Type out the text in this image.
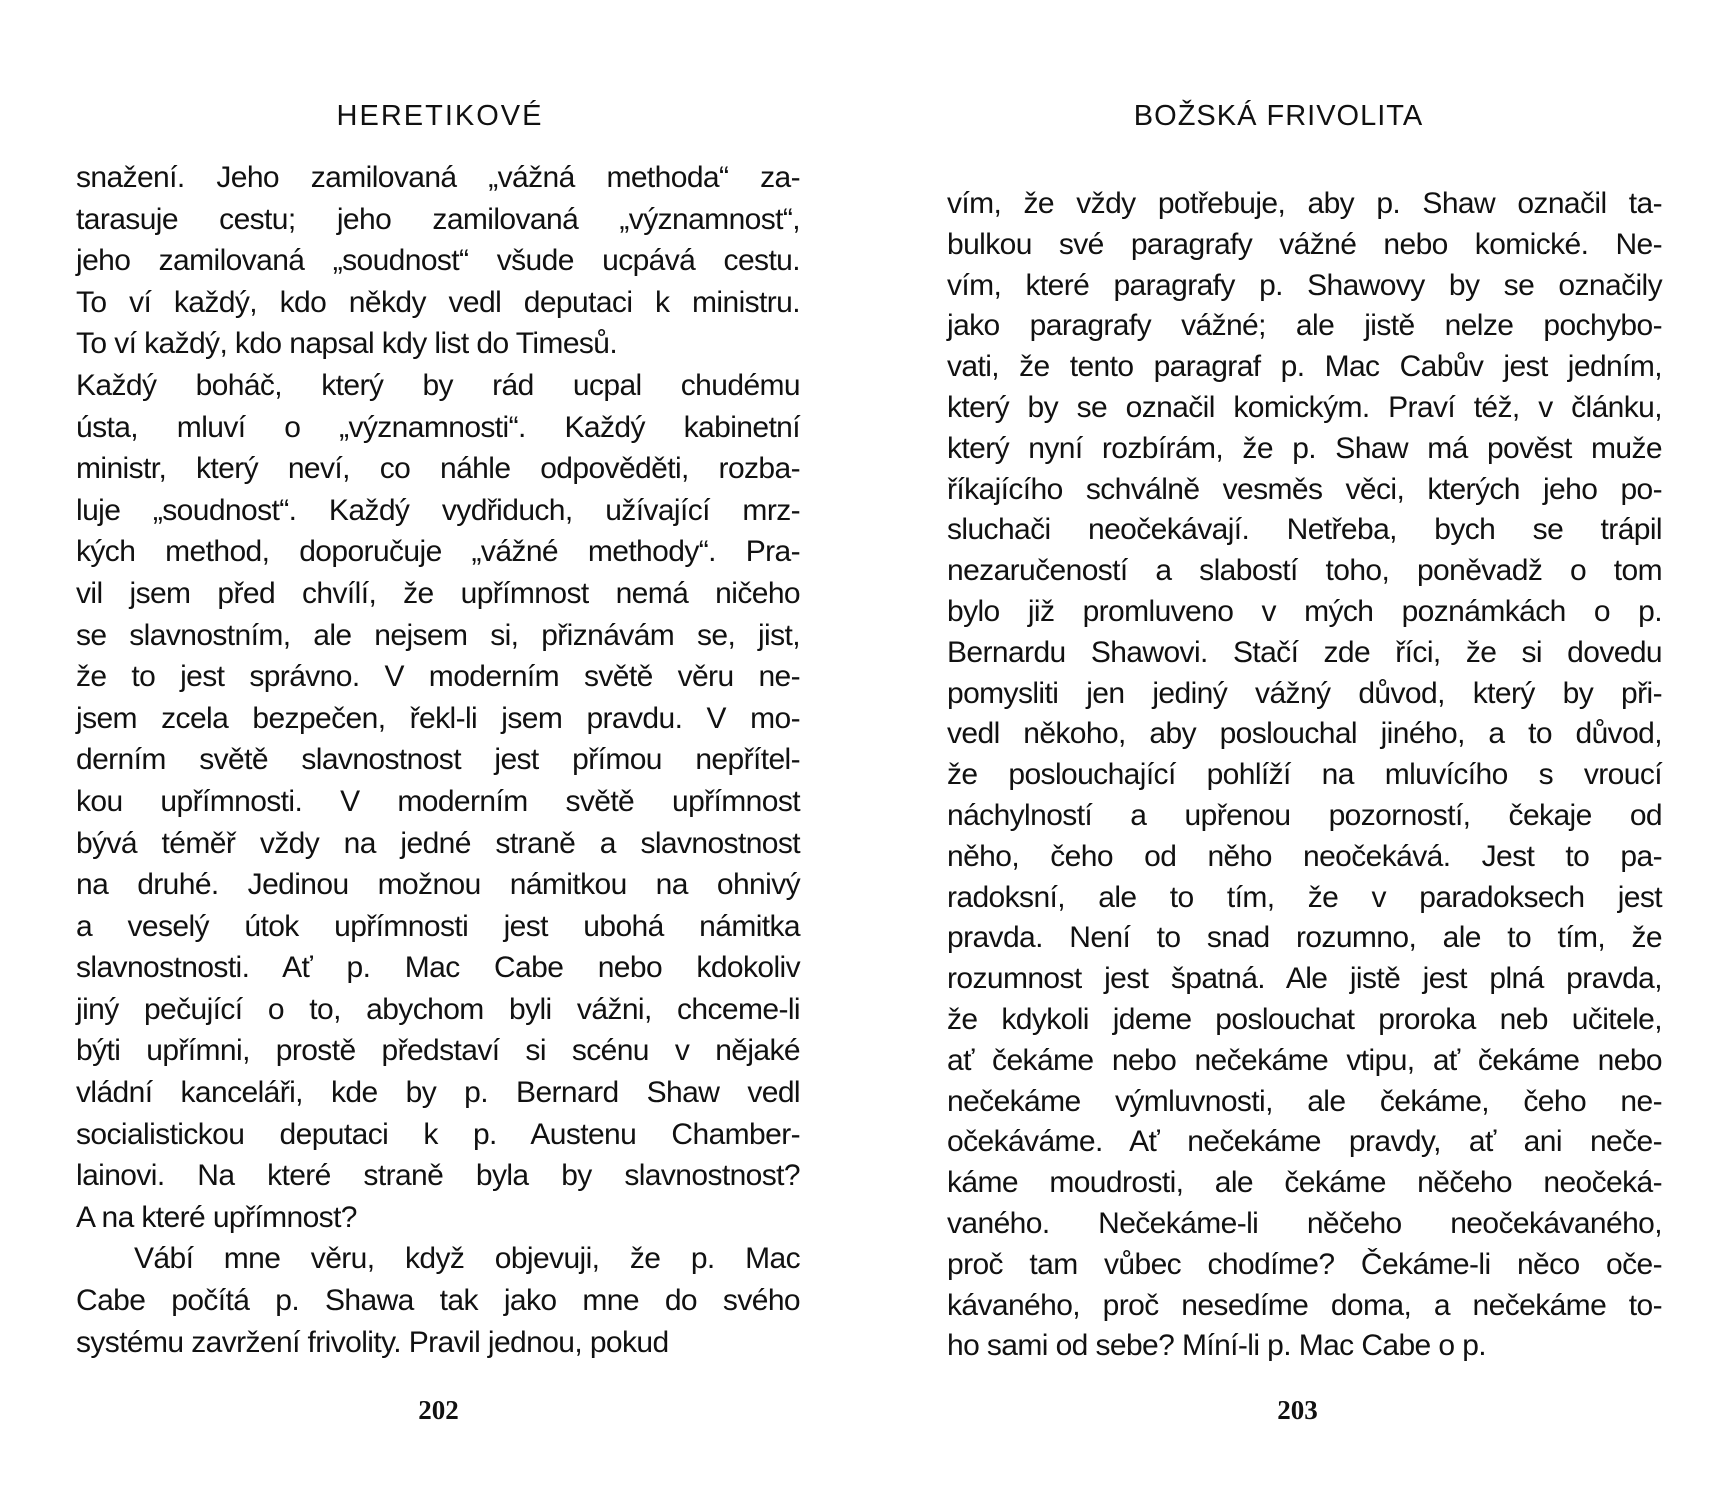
HERETIKOVÉ
snažení. Jeho zamilovaná „vážná methoda“ za-
tarasuje cestu; jeho zamilovaná „významnost“,
jeho zamilovaná „soudnost“ všude ucpává cestu.
To ví každý, kdo někdy vedl deputaci k ministru.
To ví každý, kdo napsal kdy list do Timesů.
Každý boháč, který by rád ucpal chudému
ústa, mluví o „významnosti“. Každý kabinetní
ministr, který neví, co náhle odpověděti, rozba-
luje „soudnost“. Každý vydřiduch, užívající mrz-
kých method, doporučuje „vážné methody“. Pra-
vil jsem před chvílí, že upřímnost nemá ničeho
se slavnostním, ale nejsem si, přiznávám se, jist,
že to jest správno. V moderním světě věru ne-
jsem zcela bezpečen, řekl-li jsem pravdu. V mo-
derním světě slavnostnost jest přímou nepřítel-
kou upřímnosti. V moderním světě upřímnost
bývá téměř vždy na jedné straně a slavnostnost
na druhé. Jedinou možnou námitkou na ohnivý
a veselý útok upřímnosti jest ubohá námitka
slavnostnosti. Ať p. Mac Cabe nebo kdokoliv
jiný pečující o to, abychom byli vážni, chceme-li
býti upřímni, prostě představí si scénu v nějaké
vládní kanceláři, kde by p. Bernard Shaw vedl
socialistickou deputaci k p. Austenu Chamber-
lainovi. Na které straně byla by slavnostnost?
A na které upřímnost?
Vábí mne věru, když objevuji, že p. Mac
Cabe počítá p. Shawa tak jako mne do svého
systému zavržení frivolity. Pravil jednou, pokud
202
BOŽSKÁ FRIVOLITA
vím, že vždy potřebuje, aby p. Shaw označil ta-
bulkou své paragrafy vážné nebo komické. Ne-
vím, které paragrafy p. Shawovy by se označily
jako paragrafy vážné; ale jistě nelze pochybo-
vati, že tento paragraf p. Mac Cabův jest jedním,
který by se označil komickým. Praví též, v článku,
který nyní rozbírám, že p. Shaw má pověst muže
říkajícího schválně vesměs věci, kterých jeho po-
sluchači neočekávají. Netřeba, bych se trápil
nezaručeností a slabostí toho, poněvadž o tom
bylo již promluveno v mých poznámkách o p.
Bernardu Shawovi. Stačí zde říci, že si dovedu
pomysliti jen jediný vážný důvod, který by při-
vedl někoho, aby poslouchal jiného, a to důvod,
že poslouchající pohlíží na mluvícího s vroucí
náchylností a upřenou pozorností, čekaje od
něho, čeho od něho neočekává. Jest to pa-
radoksní, ale to tím, že v paradoksech jest
pravda. Není to snad rozumno, ale to tím, že
rozumnost jest špatná. Ale jistě jest plná pravda,
že kdykoli jdeme poslouchat proroka neb učitele,
ať čekáme nebo nečekáme vtipu, ať čekáme nebo
nečekáme výmluvnosti, ale čekáme, čeho ne-
očekáváme. Ať nečekáme pravdy, ať ani neče-
káme moudrosti, ale čekáme něčeho neočeká-
vaného. Nečekáme-li něčeho neočekávaného,
proč tam vůbec chodíme? Čekáme-li něco oče-
kávaného, proč nesedíme doma, a nečekáme to-
ho sami od sebe? Míní-li p. Mac Cabe o p.
203
